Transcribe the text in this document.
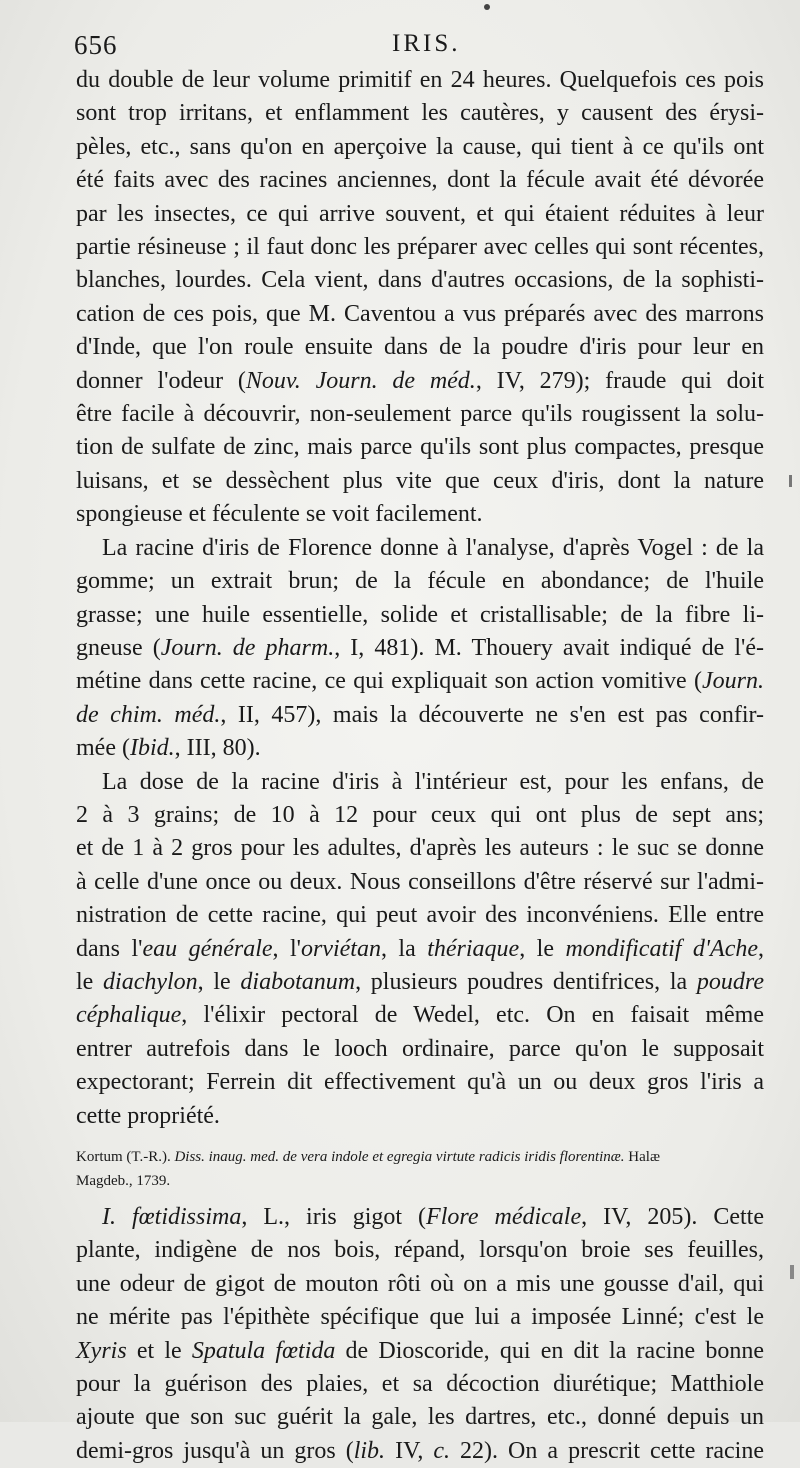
656	IRIS.

du double de leur volume primitif en 24 heures. Quelquefois ces pois

sont trop irritans, et enflamment les cautères, y causent des érysi-

pèles, etc., sans qu'on en aperçoive la cause, qui tient à ce qu'ils ont

été faits avec des racines anciennes, dont la fécule avait été dévorée

par les insectes, ce qui arrive souvent, et qui étaient réduites à leur

partie résineuse ; il faut donc les préparer avec celles qui sont récentes,

blanches, lourdes. Cela vient, dans d'autres occasions, de la sophisti-

cation de ces pois, que M. Caventou a vus préparés avec des marrons

d'Inde, que l'on roule ensuite dans de la poudre d'iris pour leur en

donner l'odeur (Nouv. Journ. de méd., IV, 279); fraude qui doit

être facile à découvrir, non-seulement parce qu'ils rougissent la solu-

tion de sulfate de zinc, mais parce qu'ils sont plus compactes, presque

luisans, et se dessèchent plus vite que ceux d'iris, dont la nature

spongieuse et féculente se voit facilement.

La racine d'iris de Florence donne à l'analyse, d'après Vogel : de la

gomme; un extrait brun; de la fécule en abondance; de l'huile

grasse; une huile essentielle, solide et cristallisable; de la fibre li-

gneuse (Journ. de pharm., I, 481). M. Thouery avait indiqué de l'é-

métine dans cette racine, ce qui expliquait son action vomitive (Journ.

de chim. méd., II, 457), mais la découverte ne s'en est pas confir-

mée (Ibid., III, 80).

La dose de la racine d'iris à l'intérieur est, pour les enfans, de

2 à 3 grains; de 10 à 12 pour ceux qui ont plus de sept ans;

et de 1 à 2 gros pour les adultes, d'après les auteurs : le suc se donne

à celle d'une once ou deux. Nous conseillons d'être réservé sur l'admi-

nistration de cette racine, qui peut avoir des inconvéniens. Elle entre

dans l'eau générale, l'orviétan, la thériaque, le mondificatif d'Ache,

le diachylon, le diabotanum, plusieurs poudres dentifrices, la poudre

céphalique, l'élixir pectoral de Wedel, etc. On en faisait même

entrer autrefois dans le looch ordinaire, parce qu'on le supposait

expectorant; Ferrein dit effectivement qu'à un ou deux gros l'iris a

cette propriété.

Kortum (T.-R.). Diss. inaug. med. de vera indole et egregia virtute radicis iridis florentinæ. Halæ
Magdeb., 1739.

I. fœtidissima, L., iris gigot (Flore médicale, IV, 205). Cette

plante, indigène de nos bois, répand, lorsqu'on broie ses feuilles,

une odeur de gigot de mouton rôti où on a mis une gousse d'ail, qui

ne mérite pas l'épithète spécifique que lui a imposée Linné; c'est le

Xyris et le Spatula fœtida de Dioscoride, qui en dit la racine bonne

pour la guérison des plaies, et sa décoction diurétique; Matthiole

ajoute que son suc guérit la gale, les dartres, etc., donné depuis un

demi-gros jusqu'à un gros (lib. IV, c. 22). On a prescrit cette racine
